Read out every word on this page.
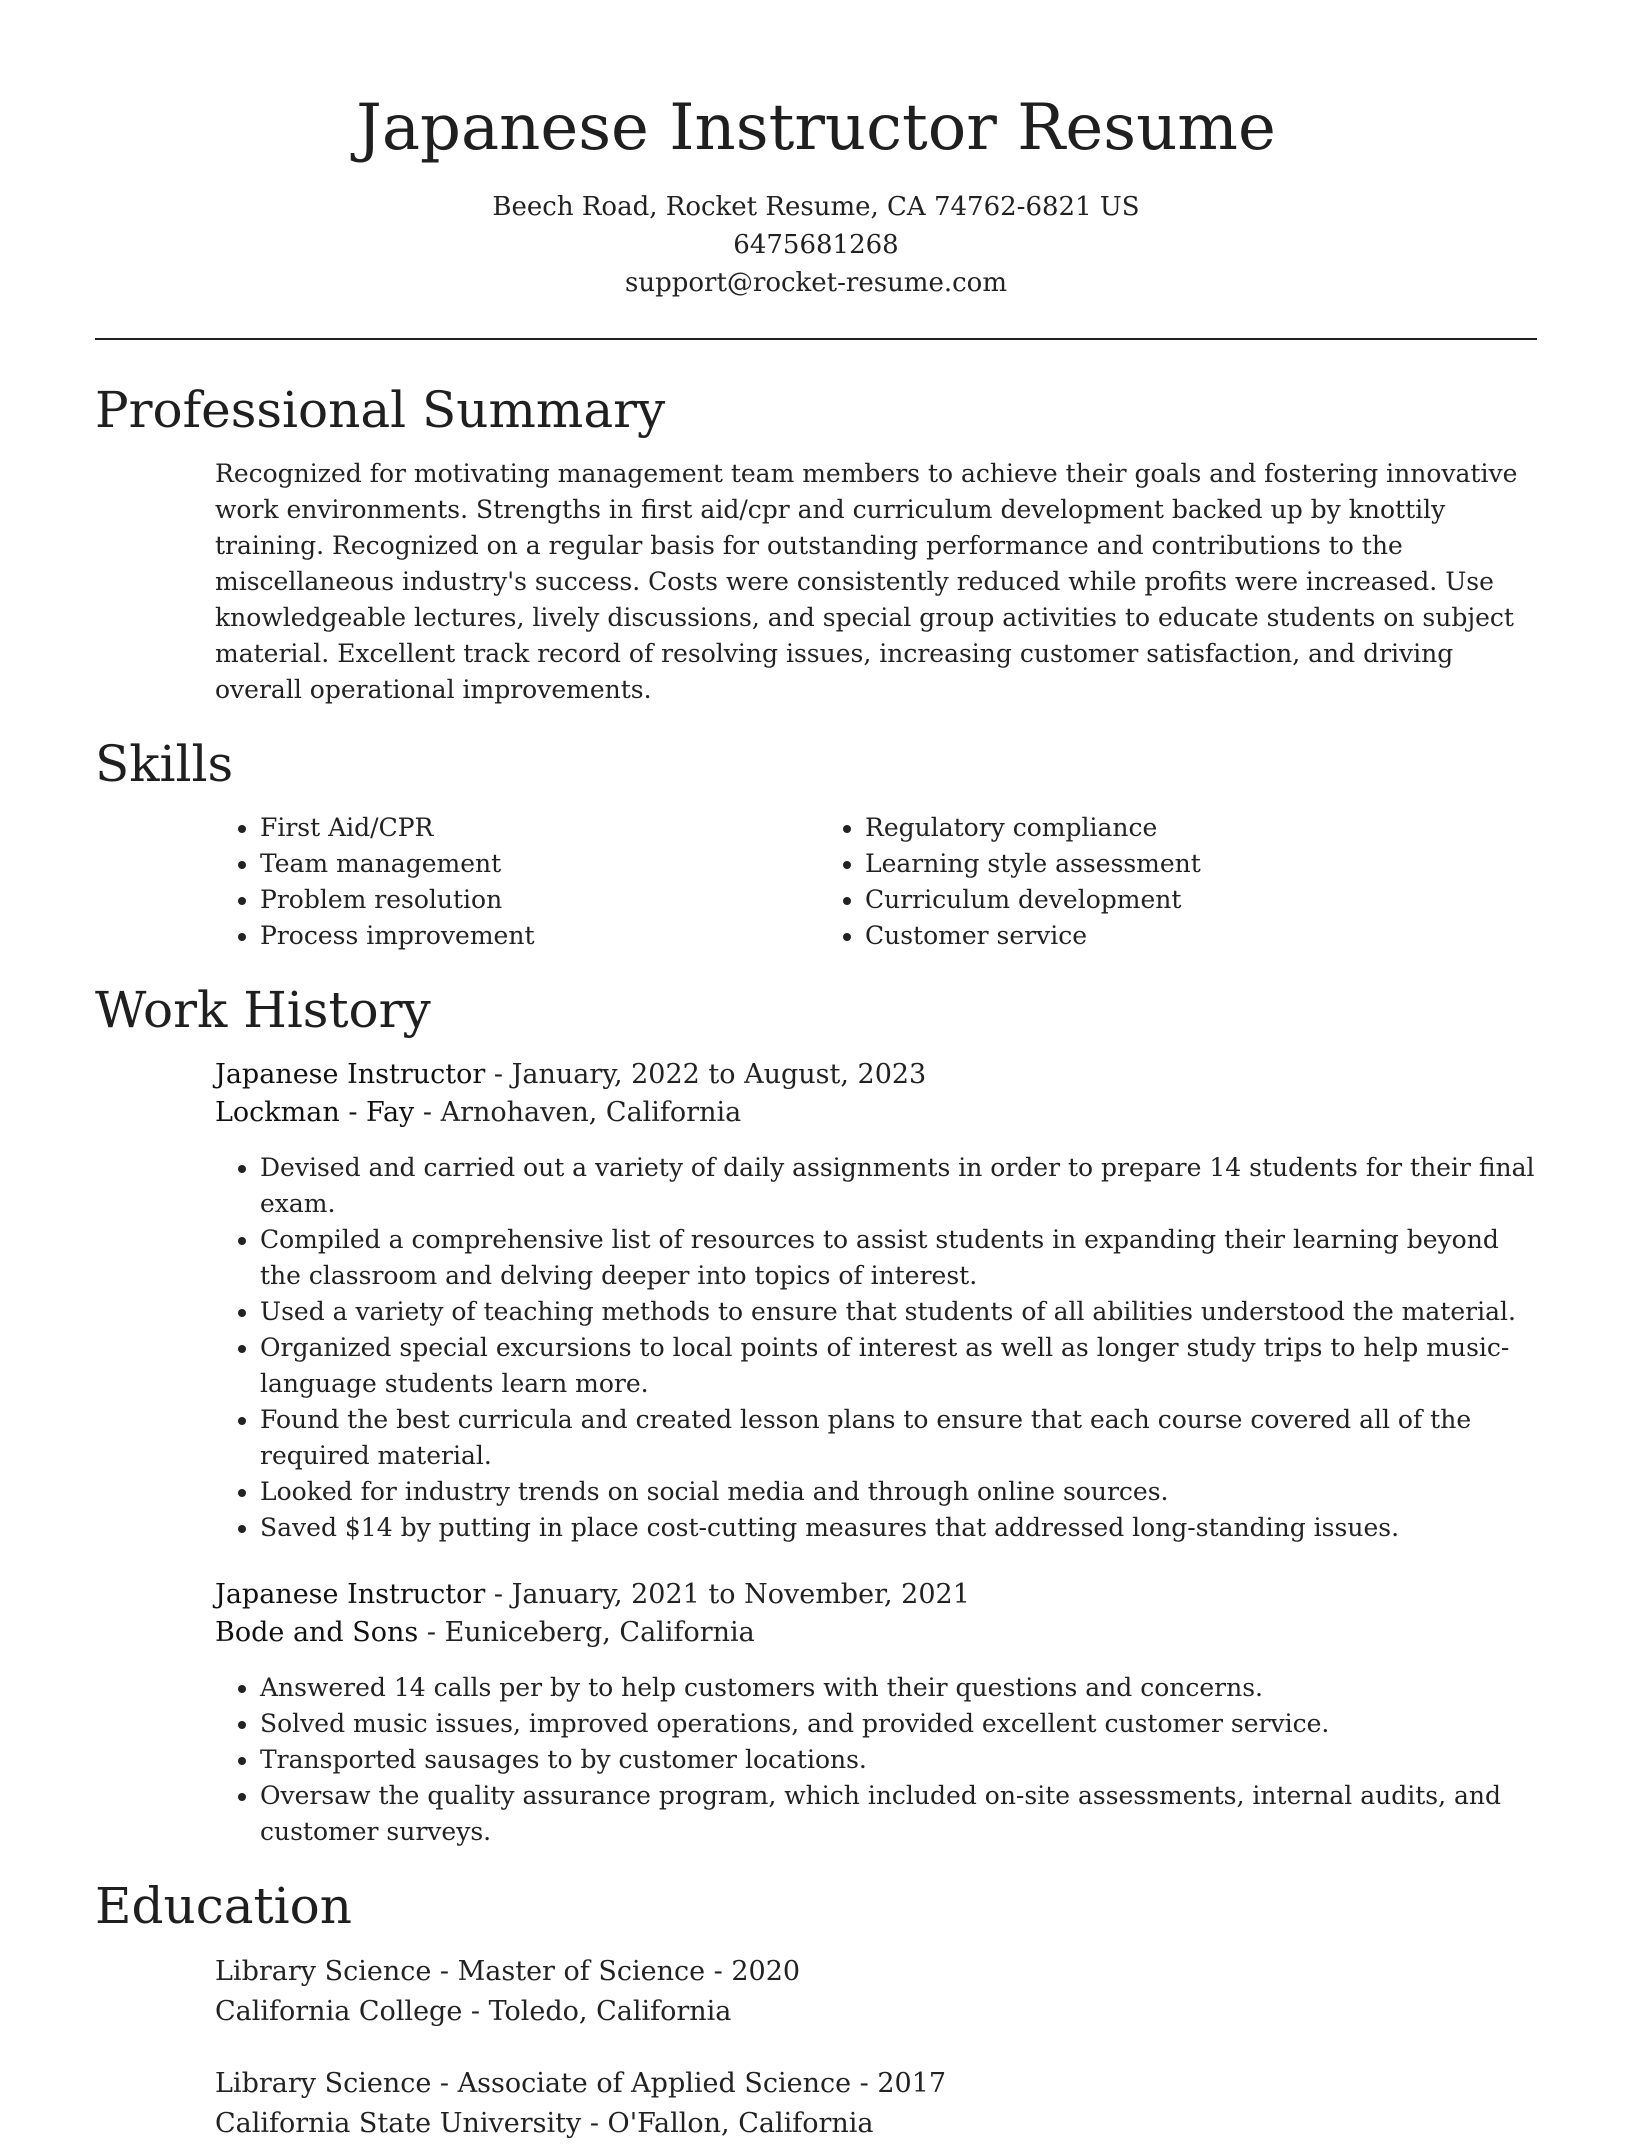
Japanese Instructor Resume
Beech Road, Rocket Resume, CA 74762-6821 US
6475681268
support@rocket-resume.com
Professional Summary

Recognized for motivating management team members to achieve their goals and fostering innovative work environments. Strengths in first aid/cpr and curriculum development backed up by knottily training. Recognized on a regular basis for outstanding performance and contributions to the miscellaneous industry's success. Costs were consistently reduced while profits were increased. Use knowledgeable lectures, lively discussions, and special group activities to educate students on subject material. Excellent track record of resolving issues, increasing customer satisfaction, and driving overall operational improvements.

Skills
• First Aid/CPR
• Team management
• Problem resolution
• Process improvement
• Regulatory compliance
• Learning style assessment
• Curriculum development
• Customer service
Work History
Japanese Instructor - January, 2022 to August, 2023
Lockman - Fay - Arnohaven, California
• Devised and carried out a variety of daily assignments in order to prepare 14 students for their final exam.
• Compiled a comprehensive list of resources to assist students in expanding their learning beyond the classroom and delving deeper into topics of interest.
• Used a variety of teaching methods to ensure that students of all abilities understood the material.
• Organized special excursions to local points of interest as well as longer study trips to help music-language students learn more.
• Found the best curricula and created lesson plans to ensure that each course covered all of the required material.
• Looked for industry trends on social media and through online sources.
• Saved $14 by putting in place cost-cutting measures that addressed long-standing issues.
Japanese Instructor - January, 2021 to November, 2021
Bode and Sons - Euniceberg, California
• Answered 14 calls per by to help customers with their questions and concerns.
• Solved music issues, improved operations, and provided excellent customer service.
• Transported sausages to by customer locations.
• Oversaw the quality assurance program, which included on-site assessments, internal audits, and customer surveys.
Education
Library Science - Master of Science - 2020
California College - Toledo, California
Library Science - Associate of Applied Science - 2017
California State University - O'Fallon, California
